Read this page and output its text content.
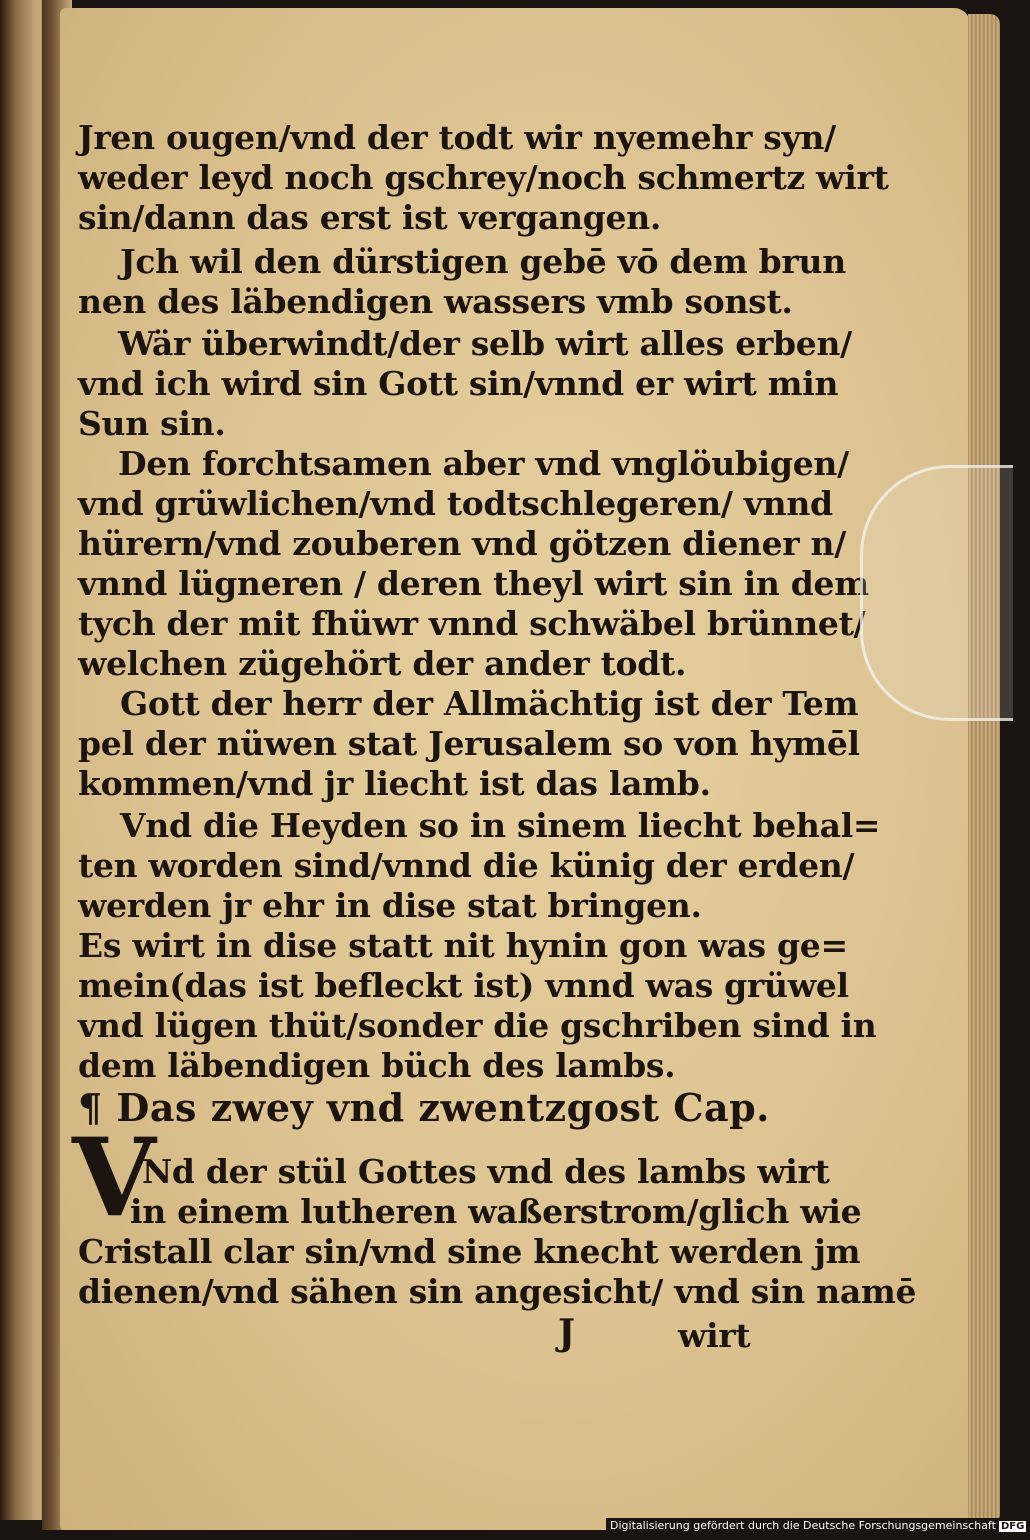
Jren ougen/vnd der todt wir nyemehr syn/
weder leyd noch gschrey/noch schmertz wirt
sin/dann das erst ist vergangen.
Jch wil den dürstigen gebē vō dem brun
nen des läbendigen wassers vmb sonst.
Wär überwindt/der selb wirt alles erben/
vnd ich wird sin Gott sin/vnnd er wirt min
Sun sin.
Den forchtsamen aber vnd vnglöubigen/
vnd grüwlichen/vnd todtschlegeren/ vnnd
hürern/vnd zouberen vnd götzen diener n/
vnnd lügneren / deren theyl wirt sin in dem
tych der mit fhüwr vnnd schwäbel brünnet/
welchen zügehört der ander todt.
Gott der herr der Allmächtig ist der Tem
pel der nüwen stat Jerusalem so von hymēl
kommen/vnd jr liecht ist das lamb.
Vnd die Heyden so in sinem liecht behal=
ten worden sind/vnnd die künig der erden/
werden jr ehr in dise stat bringen.
Es wirt in dise statt nit hynin gon was ge=
mein(das ist befleckt ist) vnnd was grüwel
vnd lügen thüt/sonder die gschriben sind in
dem läbendigen büch des lambs.
¶ Das zwey vnd zwentzgost Cap.
V
Nd der stül Gottes vnd des lambs wirt
in einem lutheren waßerstrom/glich wie
Cristall clar sin/vnd sine knecht werden jm
dienen/vnd sähen sin angesicht/ vnd sin namē
J	wirt
Digitalisierung gefördert durch die Deutsche Forschungsgemeinschaft DFG
